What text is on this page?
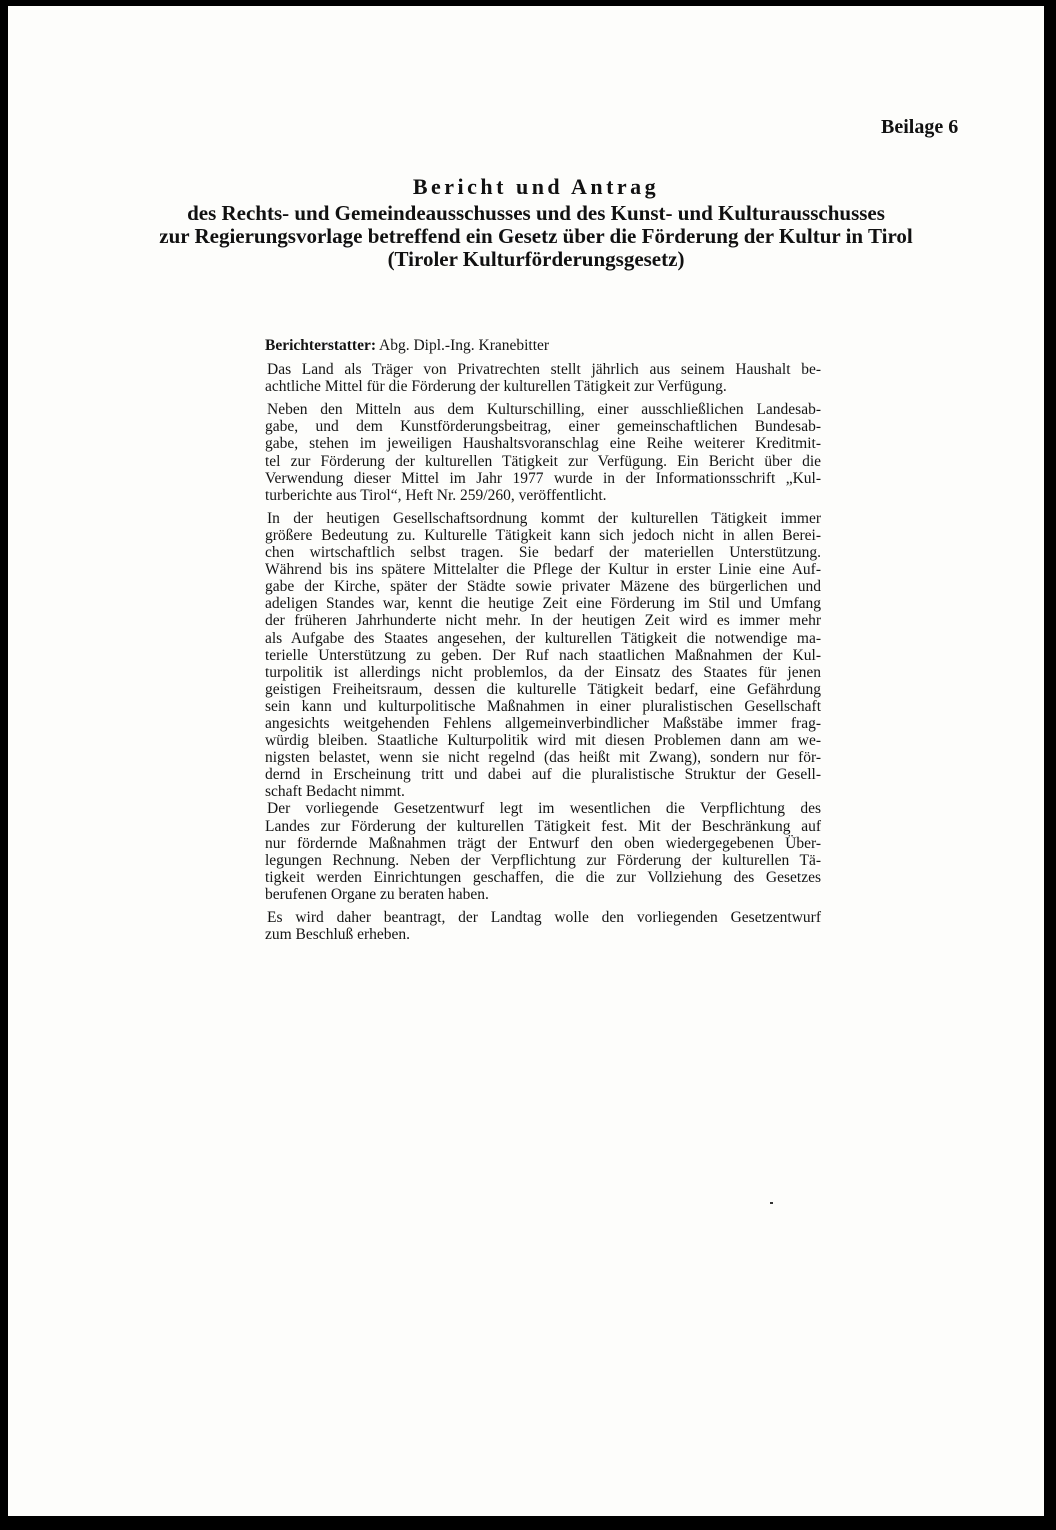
Beilage 6

Bericht und Antrag

des Rechts- und Gemeindeausschusses und des Kunst- und Kulturausschusses

zur Regierungsvorlage betreffend ein Gesetz über die Förderung der Kultur in Tirol

(Tiroler Kulturförderungsgesetz)

Berichterstatter: Abg. Dipl.-Ing. Kranebitter

Das Land als Träger von Privatrechten stellt jährlich aus seinem Haushalt be-
achtliche Mittel für die Förderung der kulturellen Tätigkeit zur Verfügung.

Neben den Mitteln aus dem Kulturschilling, einer ausschließlichen Landesab-
gabe, und dem Kunstförderungsbeitrag, einer gemeinschaftlichen Bundesab-
gabe, stehen im jeweiligen Haushaltsvoranschlag eine Reihe weiterer Kreditmit-
tel zur Förderung der kulturellen Tätigkeit zur Verfügung. Ein Bericht über die
Verwendung dieser Mittel im Jahr 1977 wurde in der Informationsschrift „Kul-
turberichte aus Tirol“, Heft Nr. 259/260, veröffentlicht.

In der heutigen Gesellschaftsordnung kommt der kulturellen Tätigkeit immer
größere Bedeutung zu. Kulturelle Tätigkeit kann sich jedoch nicht in allen Berei-
chen wirtschaftlich selbst tragen. Sie bedarf der materiellen Unterstützung.
Während bis ins spätere Mittelalter die Pflege der Kultur in erster Linie eine Auf-
gabe der Kirche, später der Städte sowie privater Mäzene des bürgerlichen und
adeligen Standes war, kennt die heutige Zeit eine Förderung im Stil und Umfang
der früheren Jahrhunderte nicht mehr. In der heutigen Zeit wird es immer mehr
als Aufgabe des Staates angesehen, der kulturellen Tätigkeit die notwendige ma-
terielle Unterstützung zu geben. Der Ruf nach staatlichen Maßnahmen der Kul-
turpolitik ist allerdings nicht problemlos, da der Einsatz des Staates für jenen
geistigen Freiheitsraum, dessen die kulturelle Tätigkeit bedarf, eine Gefährdung
sein kann und kulturpolitische Maßnahmen in einer pluralistischen Gesellschaft
angesichts weitgehenden Fehlens allgemeinverbindlicher Maßstäbe immer frag-
würdig bleiben. Staatliche Kulturpolitik wird mit diesen Problemen dann am we-
nigsten belastet, wenn sie nicht regelnd (das heißt mit Zwang), sondern nur för-
dernd in Erscheinung tritt und dabei auf die pluralistische Struktur der Gesell-
schaft Bedacht nimmt.

Der vorliegende Gesetzentwurf legt im wesentlichen die Verpflichtung des
Landes zur Förderung der kulturellen Tätigkeit fest. Mit der Beschränkung auf
nur fördernde Maßnahmen trägt der Entwurf den oben wiedergegebenen Über-
legungen Rechnung. Neben der Verpflichtung zur Förderung der kulturellen Tä-
tigkeit werden Einrichtungen geschaffen, die die zur Vollziehung des Gesetzes
berufenen Organe zu beraten haben.

Es wird daher beantragt, der Landtag wolle den vorliegenden Gesetzentwurf
zum Beschluß erheben.
